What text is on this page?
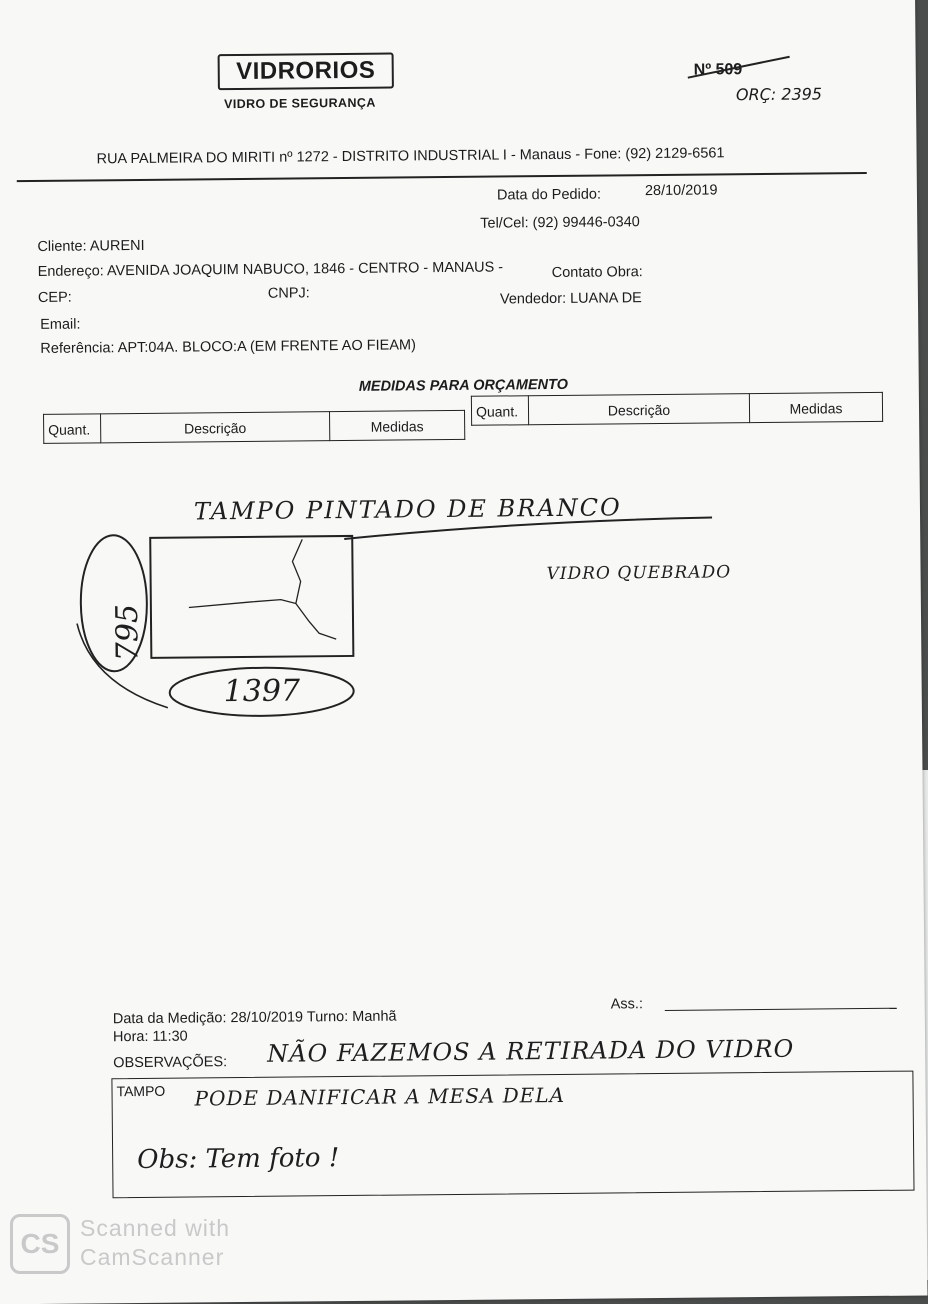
VIDRORIOS
VIDRO DE SEGURANÇA
Nº 509
ORÇ: 2395
RUA PALMEIRA DO MIRITI nº 1272 - DISTRITO INDUSTRIAL I - Manaus - Fone: (92) 2129-6561
Data do Pedido:	28/10/2019
Tel/Cel: (92) 99446-0340
Cliente: AURENI
Endereço: AVENIDA JOAQUIM NABUCO, 1846 - CENTRO - MANAUS -	Contato Obra:
CEP:	CNPJ:	Vendedor: LUANA DE
Email:
Referência: APT:04A. BLOCO:A (EM FRENTE AO FIEAM)
MEDIDAS PARA ORÇAMENTO
Quant.	Descrição	Medidas
Quant.	Descrição	Medidas
TAMPO PINTADO DE BRANCO
VIDRO QUEBRADO
795
1397
Data da Medição: 28/10/2019 Turno: Manhã
Hora: 11:30
Ass.:
OBSERVAÇÕES: NÃO FAZEMOS A RETIRADA DO VIDRO
TAMPO PODE DANIFICAR A MESA DELA
Obs: Tem foto !
CS Scanned with
CamScanner
